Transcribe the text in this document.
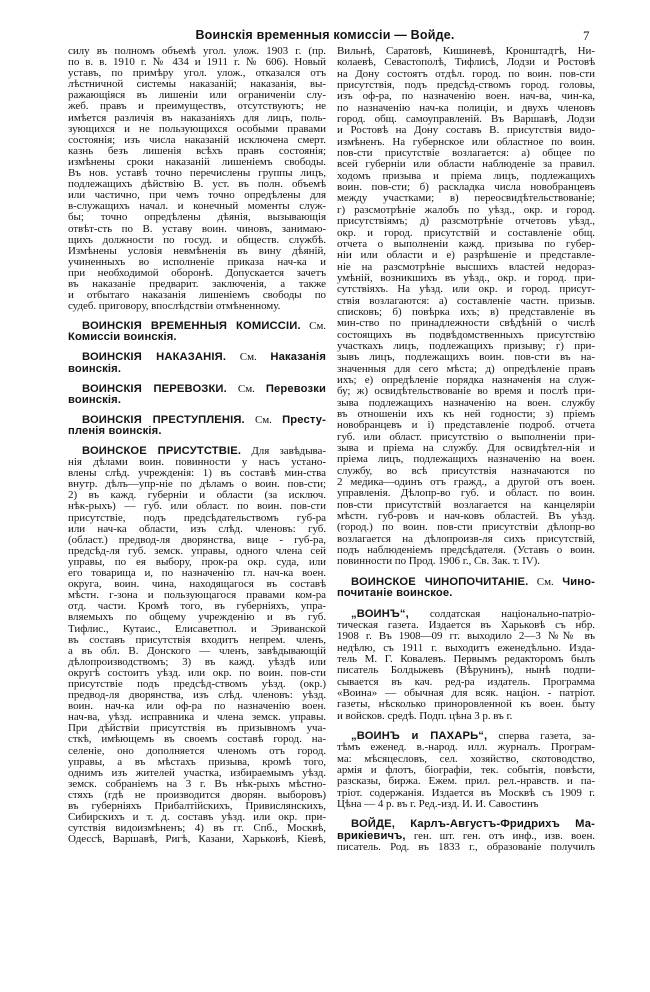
Воинскія временныя комиссіи — Войде.	7
силу въ полномъ объемѣ угол. улож. 1903 г. (пр.
по в. в. 1910 г. № 434 и 1911 г. № 606). Новый
уставъ, по примѣру угол. улож., отказался отъ
лѣстничной системы наказаній; наказанія, вы-
ражающіяся въ лишеніи или ограниченіи слу-
жеб. правъ и преимуществъ, отсутствуютъ; не
имѣется различія въ наказаніяхъ для лицъ, поль-
зующихся и не пользующихся особыми правами
состоянія; изъ числа наказаній исключена смерт.
казнь безъ лишенія всѣхъ правъ состоянія;
измѣнены сроки наказаній лишеніемъ свободы.
Въ нов. уставѣ точно перечислены группы лицъ,
подлежащихъ дѣйствію В. уст. въ полн. объемѣ
или частично, при чемъ точно опредѣлены для
в-служащихъ начал. и конечный моменты служ-
бы; точно опредѣлены дѣянія, вызывающія
отвѣт-сть по В. уставу воин. чиновъ, занимаю-
щихъ должности по госуд. и обществ. службѣ.
Измѣнены условія невмѣненія въ вину дѣяній,
учиненныхъ во исполненіе приказа нач-ка и
при необходимой оборонѣ. Допускается зачетъ
въ наказаніе предварит. заключенія, а также
и отбытаго наказанія лишеніемъ свободы по
судеб. приговору, впослѣдствіи отмѣненному.
ВОИНСКІЯ ВРЕМЕННЫЯ КОМИССІИ. См.
Комиссіи воинскія.
ВОИНСКІЯ НАКАЗАНІЯ. См. Наказанія
воинскія.
ВОИНСКІЯ ПЕРЕВОЗКИ. См. Перевозки
воинскія.
ВОИНСКІЯ ПРЕСТУПЛЕНІЯ. См. Престу-
пленія воинскія.
ВОИНСКОЕ ПРИСУТСТВІЕ. Для завѣдыва-
нія дѣлами воин. повинности у насъ устано-
влены слѣд. учрежденія: 1) въ составѣ мин-ства
внутр. дѣлъ—упр-ніе по дѣламъ о воин. пов-сти;
2) въ кажд. губерніи и области (за исключ.
нѣк-рыхъ) — губ. или област. по воин. пов-сти
присутствіе, подъ предсѣдательствомъ губ-ра
или нач-ка области, изъ слѣд. членовъ: губ.
(област.) предвод-ля дворянства, вице - губ-ра,
предсѣд-ля губ. земск. управы, одного члена сей
управы, по ея выбору, прок-ра окр. суда, или
его товарища и, по назначенію гл. нач-ка воен.
округа, воин. чина, находящагося въ составѣ
мѣстн. г-зона и пользующагося правами ком-ра
отд. части. Кромѣ того, въ губерніяхъ, упра-
вляемыхъ по общему учрежденію и въ губ.
Тифлис., Кутаис., Елисаветпол. и Эриванской
въ составъ присутствія входитъ непрем. членъ,
а въ обл. В. Донского — членъ, завѣдывающій
дѣлопроизводствомъ; 3) въ кажд. уѣздѣ или
округѣ состоитъ уѣзд. или окр. по воин. пов-сти
присутствіе подъ предсѣд-ствомъ уѣзд. (окр.)
предвод-ля дворянства, изъ слѣд. членовъ: уѣзд.
воин. нач-ка или оф-ра по назначенію воен.
нач-ва, уѣзд. исправника и члена земск. управы.
При дѣйствіи присутствія въ призывномъ уча-
сткѣ, имѣющемъ въ своемъ составѣ город. на-
селеніе, оно дополняется членомъ отъ город.
управы, а въ мѣстахъ призыва, кромѣ того,
однимъ изъ жителей участка, избираемымъ уѣзд.
земск. собраніемъ на 3 г. Въ нѣк-рыхъ мѣстно-
стяхъ (гдѣ не производится дворян. выборовъ)
въ губерніяхъ Прибалтійскихъ, Привислянскихъ,
Сибирскихъ и т. д. составъ уѣзд. или окр. при-
сутствія видоизмѣненъ; 4) въ гг. Спб., Москвѣ,
Одессѣ, Варшавѣ, Ригѣ, Казани, Харьковѣ, Кіевѣ,
Вильнѣ, Саратовѣ, Кишиневѣ, Кронштадтѣ, Ни-
колаевѣ, Севастополѣ, Тифлисѣ, Лодзи и Ростовѣ
на Дону состоятъ отдѣл. город. по воин. пов-сти
присутствія, подъ предсѣд-ствомъ город. головы,
изъ оф-ра, по назначенію воен. нач-ва, чин-ка,
по назначенію нач-ка полиціи, и двухъ членовъ
город. общ. самоуправленій. Въ Варшавѣ, Лодзи
и Ростовѣ на Дону составъ В. присутствія видо-
измѣненъ. На губернское или областное по воин.
пов-сти присутствіе возлагается: а) общее по
всей губерніи или области наблюденіе за правил.
ходомъ призыва и пріема лицъ, подлежащихъ
воин. пов-сти; б) раскладка числа новобранцевъ
между участками; в) переосвидѣтельствованіе;
г) разсмотрѣніе жалобъ по уѣзд., окр. и город.
присутствіямъ; д) разсмотрѣніе отчетовъ уѣзд.,
окр. и город. присутствій и составленіе общ.
отчета о выполненіи кажд. призыва по губер-
ніи или области и е) разрѣшеніе и представле-
ніе на разсмотрѣніе высшихъ властей недораз-
умѣній, возникшихъ въ уѣзд., окр. и город. при-
сутствіяхъ. На уѣзд. или окр. и город. присут-
ствія возлагаются: а) составленіе частн. призыв.
списковъ; б) повѣрка ихъ; в) представленіе въ
мин-ство по принадлежности свѣдѣній о числѣ
состоящихъ въ подвѣдомственныхъ присутствію
участкахъ лицъ, подлежащихъ призыву; г) при-
зывъ лицъ, подлежащихъ воин. пов-сти въ на-
значенныя для сего мѣста; д) опредѣленіе правъ
ихъ; е) опредѣленіе порядка назначенія на служ-
бу; ж) освидѣтельствованіе во время и послѣ при-
зыва подлежащихъ назначенію на воен. службу
въ отношеніи ихъ къ ней годности; з) пріемъ
новобранцевъ и і) представленіе подроб. отчета
губ. или област. присутствію о выполненіи при-
зыва и пріема на службу. Для освидѣтел-нія и
пріема лицъ, подлежащихъ назначенію на воен.
службу, во всѣ присутствія назначаются по
2 медика—одинъ отъ гражд., а другой отъ воен.
управленія. Дѣлопр-во губ. и област. по воин.
пов-сти присутствій возлагается на канцеляріи
мѣстн. губ-ровъ и нач-ковъ областей. Въ уѣзд.
(город.) по воин. пов-сти присутствіи дѣлопр-во
возлагается на дѣлопроизв-ля сихъ присутствій,
подъ наблюденіемъ предсѣдателя. (Уставъ о воин.
повинности по Прод. 1906 г., Св. Зак. т. IV).
ВОИНСКОЕ ЧИНОПОЧИТАНІЕ. См. Чино-
почитаніе воинское.
„ВОИНЪ“, солдатская національно-патріо-
тическая газета. Издается въ Харьковѣ съ нбр.
1908 г. Въ 1908—09 гг. выходило 2—3 №№ въ
недѣлю, съ 1911 г. выходитъ еженедѣльно. Изда-
тель М. Г. Ковалевъ. Первымъ редакторомъ былъ
писатель Болдыжевъ (Вѣрунинъ), нынѣ подпи-
сывается въ кач. ред-ра издатель. Программа
«Воина» — обычная для всяк. націон. - патріот.
газеты, нѣсколько приноровленной къ воен. быту
и войсков. средѣ. Подп. цѣна 3 р. въ г.
„ВОИНЪ и ПАХАРЬ“, сперва газета, за-
тѣмъ еженед. в.-народ. илл. журналъ. Програм-
ма: мѣсяцесловъ, сел. хозяйство, скотоводство,
армія и флотъ, біографіи, тек. событія, повѣсти,
разсказы, биржа. Ежем. прил. рел.-нравств. и па-
тріот. содержанія. Издается въ Москвѣ съ 1909 г.
Цѣна — 4 р. въ г. Ред.-изд. И. И. Савостинъ
ВОЙДЕ, Карлъ-Августъ-Фридрихъ Ма-
врикіевичъ, ген. шт. ген. отъ инф., изв. воен.
писатель. Род. въ 1833 г., образованіе получилъ
